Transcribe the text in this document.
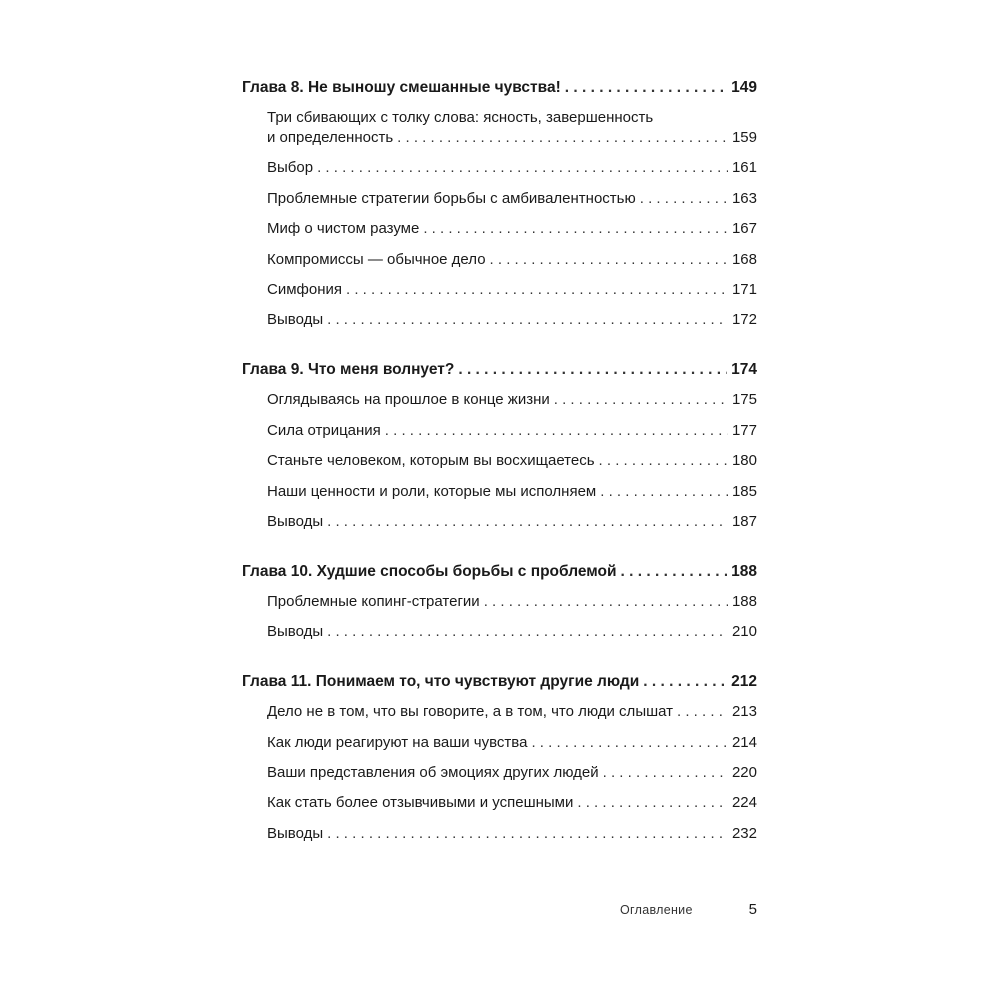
Глава 8. Не выношу смешанные чувства! . . .	149
Три сбивающих с толку слова: ясность, завершенность
и определенность . . .	159
Выбор . . .	161
Проблемные стратегии борьбы с амбивалентностью . . .	163
Миф о чистом разуме . . .	167
Компромиссы — обычное дело . . .	168
Симфония . . .	171
Выводы . . .	172
Глава 9. Что меня волнует? . . .	174
Оглядываясь на прошлое в конце жизни . . .	175
Сила отрицания . . .	177
Станьте человеком, которым вы восхищаетесь . . .	180
Наши ценности и роли, которые мы исполняем . . .	185
Выводы . . .	187
Глава 10. Худшие способы борьбы с проблемой . . .	188
Проблемные копинг-стратегии . . .	188
Выводы . . .	210
Глава 11. Понимаем то, что чувствуют другие люди . . .	212
Дело не в том, что вы говорите, а в том, что люди слышат . . .	213
Как люди реагируют на ваши чувства . . .	214
Ваши представления об эмоциях других людей . . .	220
Как стать более отзывчивыми и успешными . . .	224
Выводы . . .	232
Оглавление	5
